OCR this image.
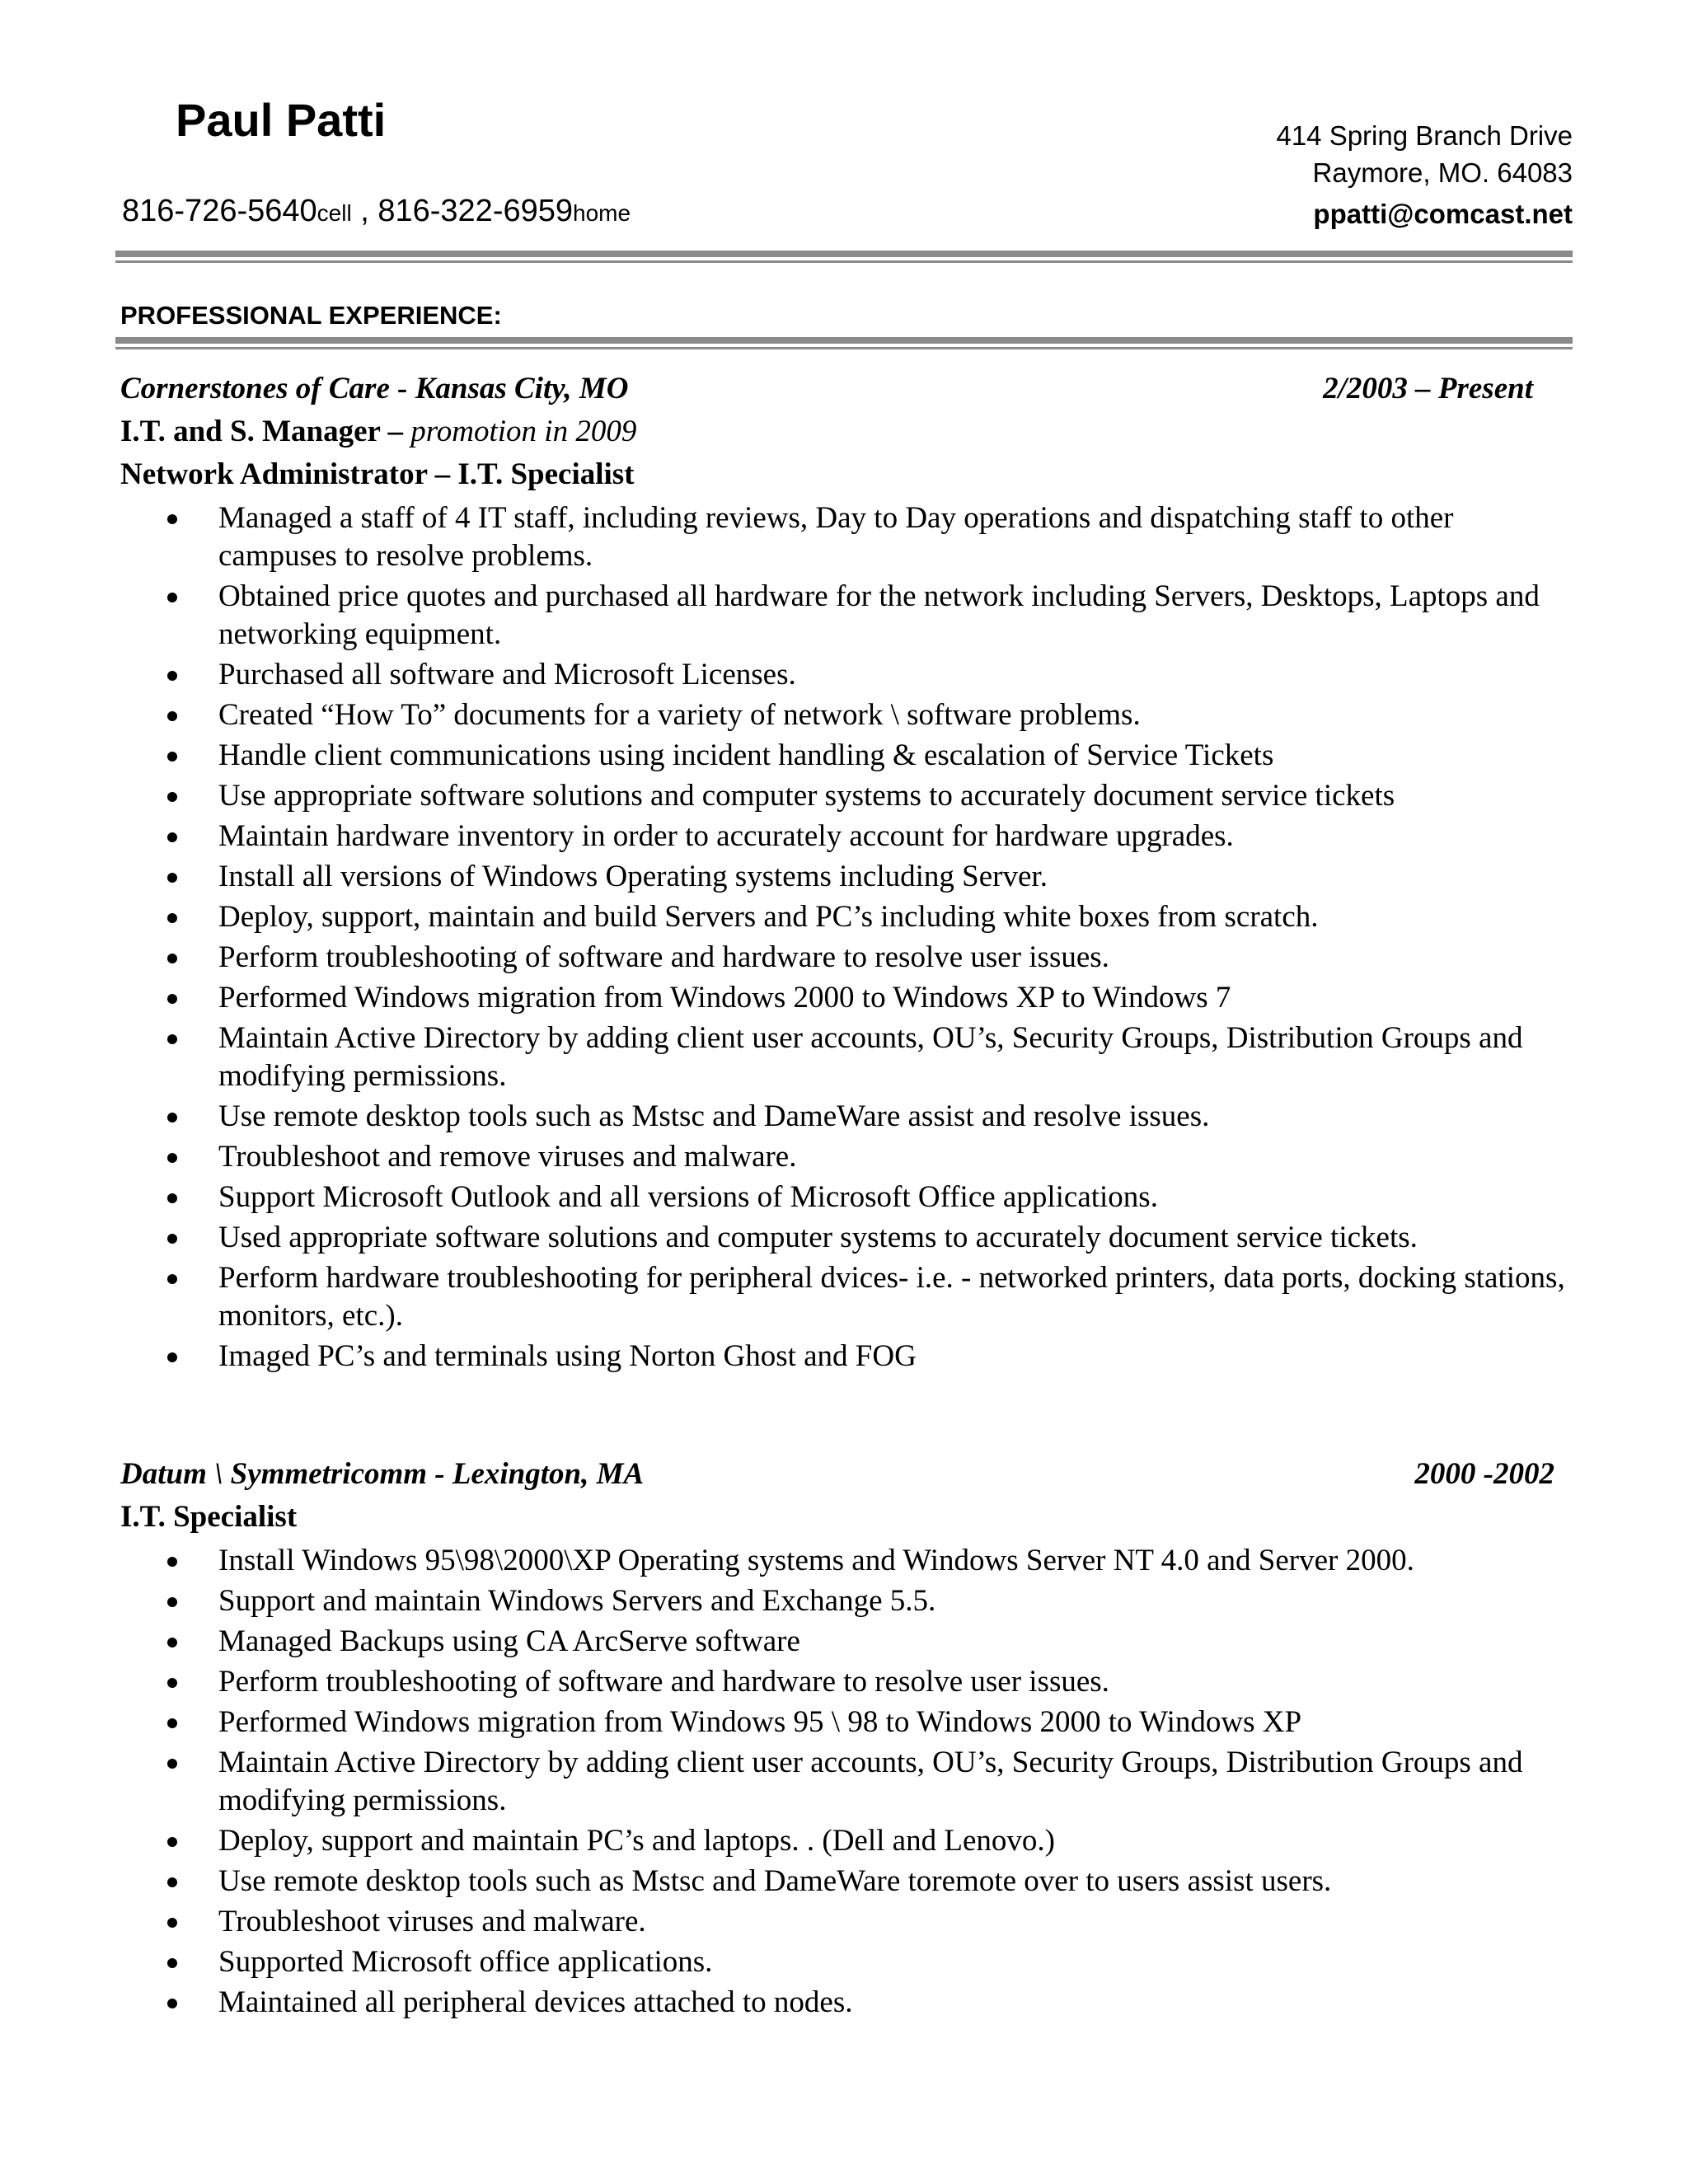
Paul Patti	414 Spring Branch Drive
Raymore, MO. 64083
ppatti@comcast.net
816-726-5640cell , 816-322-6959home
PROFESSIONAL EXPERIENCE:
Cornerstones of Care - Kansas City, MO	2/2003 – Present
I.T. and S. Manager – promotion in 2009
Network Administrator – I.T. Specialist
Managed a staff of 4 IT staff, including reviews, Day to Day operations and dispatching staff to other campuses to resolve problems.
Obtained price quotes and purchased all hardware for the network including Servers, Desktops, Laptops and networking equipment.
Purchased all software and Microsoft Licenses.
Created “How To” documents for a variety of network \ software problems.
Handle client communications using incident handling & escalation of Service Tickets
Use appropriate software solutions and computer systems to accurately document service tickets
Maintain hardware inventory in order to accurately account for hardware upgrades.
Install all versions of Windows Operating systems including Server.
Deploy, support, maintain and build Servers and PC’s including white boxes from scratch.
Perform troubleshooting of software and hardware to resolve user issues.
Performed Windows migration from Windows 2000 to Windows XP to Windows 7
Maintain Active Directory by adding client user accounts, OU’s, Security Groups, Distribution Groups and modifying permissions.
Use remote desktop tools such as Mstsc and DameWare assist and resolve issues.
Troubleshoot and remove viruses and malware.
Support Microsoft Outlook and all versions of Microsoft Office applications.
Used appropriate software solutions and computer systems to accurately document service tickets.
Perform hardware troubleshooting for peripheral dvices- i.e. - networked printers, data ports, docking stations, monitors, etc.).
Imaged PC’s and terminals using Norton Ghost and FOG
Datum \ Symmetricomm - Lexington, MA	2000 -2002
I.T. Specialist
Install Windows 95\98\2000\XP Operating systems and Windows Server NT 4.0 and Server 2000.
Support and maintain Windows Servers and Exchange 5.5.
Managed Backups using CA ArcServe software
Perform troubleshooting of software and hardware to resolve user issues.
Performed Windows migration from Windows 95 \ 98 to Windows 2000 to Windows XP
Maintain Active Directory by adding client user accounts, OU’s, Security Groups, Distribution Groups and modifying permissions.
Deploy, support and maintain PC’s and laptops. . (Dell and Lenovo.)
Use remote desktop tools such as Mstsc and DameWare toremote over to users assist users.
Troubleshoot viruses and malware.
Supported Microsoft office applications.
Maintained all peripheral devices attached to nodes.
